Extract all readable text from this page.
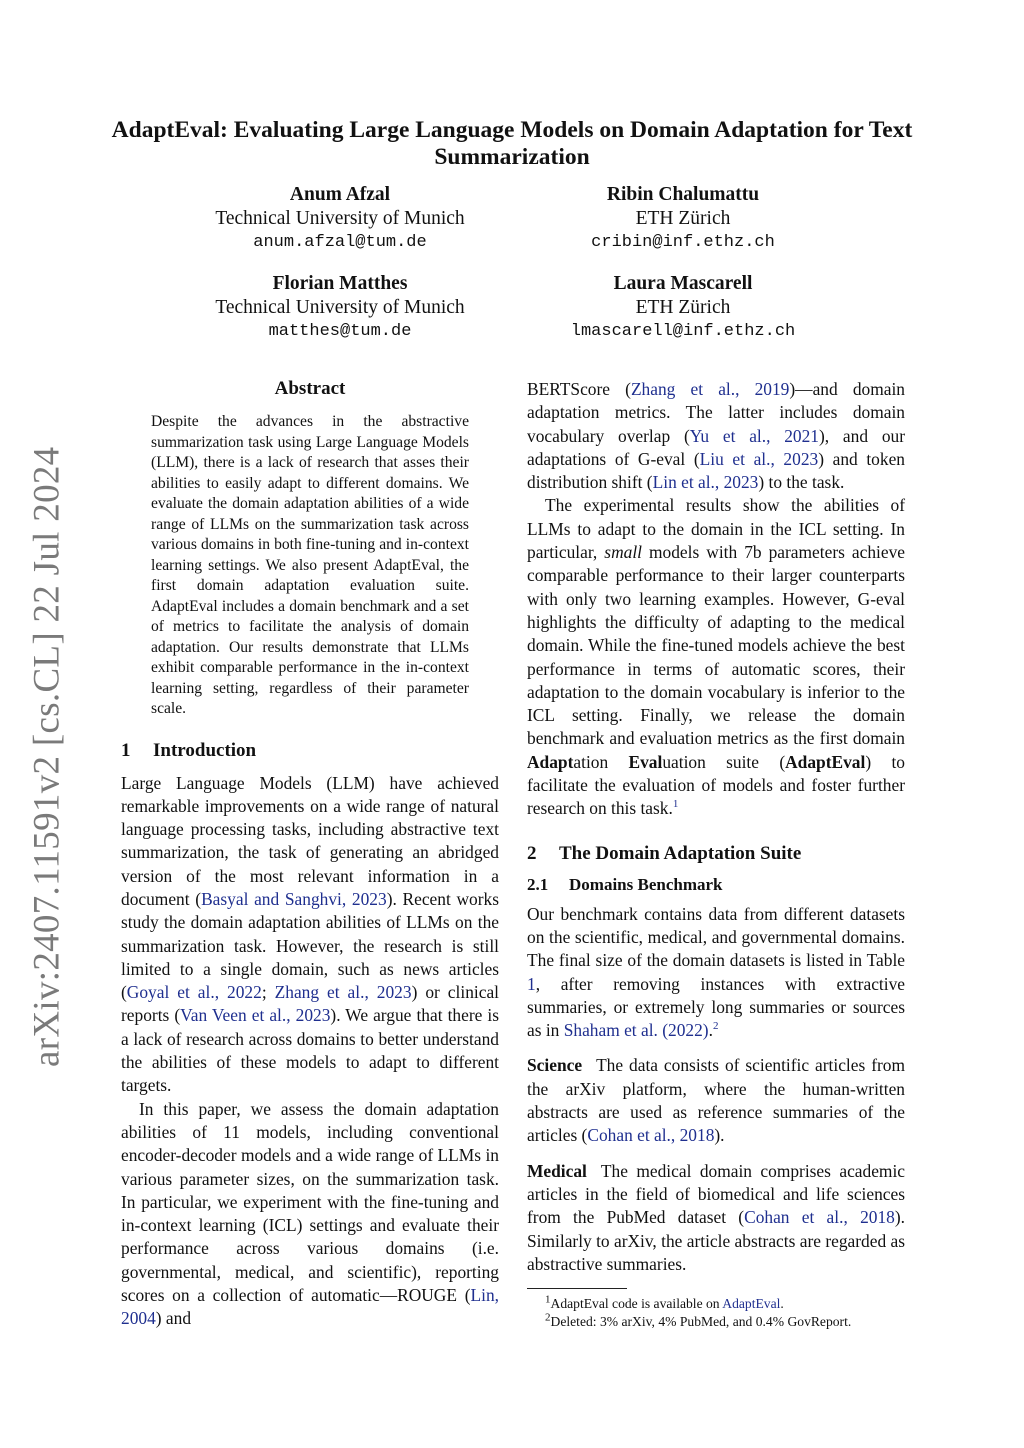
arXiv:2407.11591v2 [cs.CL] 22 Jul 2024
AdaptEval: Evaluating Large Language Models on Domain Adaptation for Text Summarization
Anum Afzal
Technical University of Munich
anum.afzal@tum.de
Ribin Chalumattu
ETH Zürich
cribin@inf.ethz.ch
Florian Matthes
Technical University of Munich
matthes@tum.de
Laura Mascarell
ETH Zürich
lmascarell@inf.ethz.ch
Abstract

Despite the advances in the abstractive summarization task using Large Language Models (LLM), there is a lack of research that asses their abilities to easily adapt to different domains. We evaluate the domain adaptation abilities of a wide range of LLMs on the summarization task across various domains in both fine-tuning and in-context learning settings. We also present AdaptEval, the first domain adaptation evaluation suite. AdaptEval includes a domain benchmark and a set of metrics to facilitate the analysis of domain adaptation. Our results demonstrate that LLMs exhibit comparable performance in the in-context learning setting, regardless of their parameter scale.

1 Introduction

Large Language Models (LLM) have achieved remarkable improvements on a wide range of natural language processing tasks, including abstractive text summarization, the task of generating an abridged version of the most relevant information in a document (Basyal and Sanghvi, 2023). Recent works study the domain adaptation abilities of LLMs on the summarization task. However, the research is still limited to a single domain, such as news articles (Goyal et al., 2022; Zhang et al., 2023) or clinical reports (Van Veen et al., 2023). We argue that there is a lack of research across domains to better understand the abilities of these models to adapt to different targets.

In this paper, we assess the domain adaptation abilities of 11 models, including conventional encoder-decoder models and a wide range of LLMs in various parameter sizes, on the summarization task. In particular, we experiment with the fine-tuning and in-context learning (ICL) settings and evaluate their performance across various domains (i.e. governmental, medical, and scientific), reporting scores on a collection of automatic—ROUGE (Lin, 2004) and

BERTScore (Zhang et al., 2019)—and domain adaptation metrics. The latter includes domain vocabulary overlap (Yu et al., 2021), and our adaptations of G-eval (Liu et al., 2023) and token distribution shift (Lin et al., 2023) to the task.

The experimental results show the abilities of LLMs to adapt to the domain in the ICL setting. In particular, small models with 7b parameters achieve comparable performance to their larger counterparts with only two learning examples. However, G-eval highlights the difficulty of adapting to the medical domain. While the fine-tuned models achieve the best performance in terms of automatic scores, their adaptation to the domain vocabulary is inferior to the ICL setting. Finally, we release the domain benchmark and evaluation metrics as the first domain Adaptation Evaluation suite (AdaptEval) to facilitate the evaluation of models and foster further research on this task.$^1$

2 The Domain Adaptation Suite
2.1 Domains Benchmark

Our benchmark contains data from different datasets on the scientific, medical, and governmental domains. The final size of the domain datasets is listed in Table 1, after removing instances with extractive summaries, or extremely long summaries or sources as in Shaham et al. (2022).$^2$

Science The data consists of scientific articles from the arXiv platform, where the human-written abstracts are used as reference summaries of the articles (Cohan et al., 2018).

Medical The medical domain comprises academic articles in the field of biomedical and life sciences from the PubMed dataset (Cohan et al., 2018). Similarly to arXiv, the article abstracts are regarded as abstractive summaries.

$^1$AdaptEval code is available on AdaptEval.
$^2$Deleted: 3% arXiv, 4% PubMed, and 0.4% GovReport.
